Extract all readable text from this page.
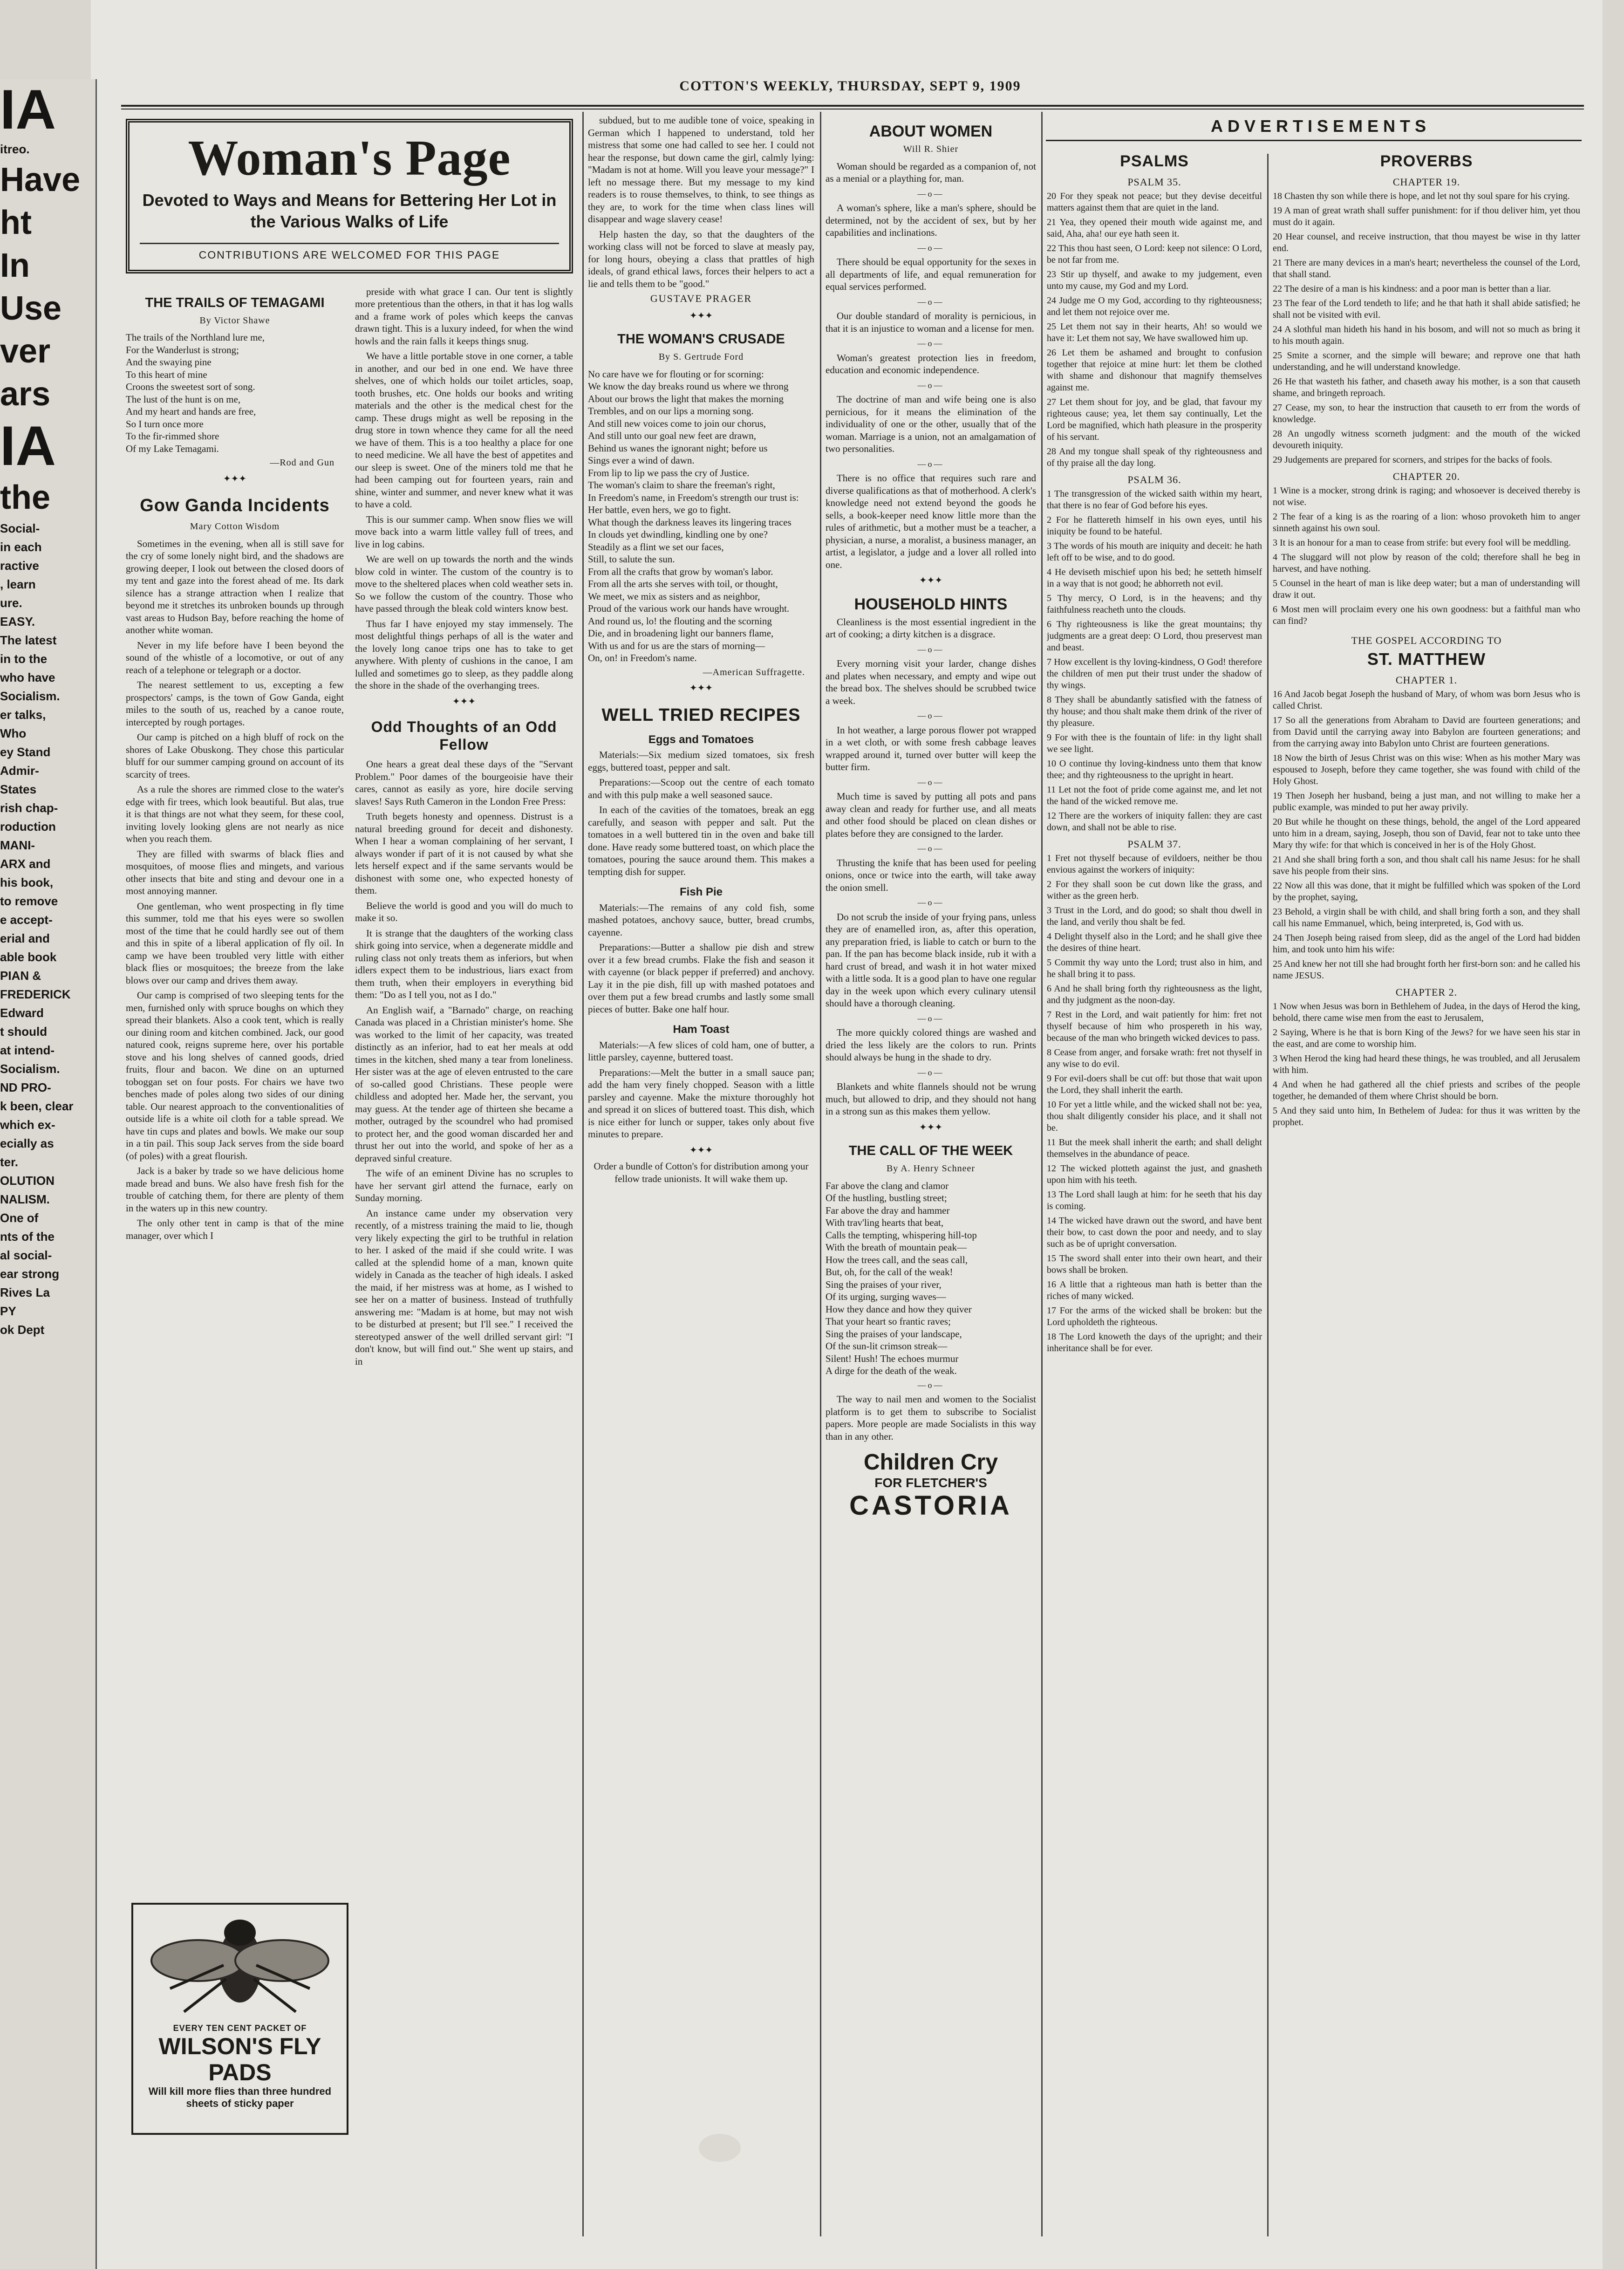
IA
itreo.
Have
ht
In
Use
ver
ars
IA
the
Social-
in each
ractive
, learn
ure.
EASY.
The latest
in to the
who have
Socialism.
er talks,
Who
ey Stand
Admir-
States
rish chap-
roduction
MANI-
ARX and
his book,
to remove
e accept-
erial and
able book
PIAN &
FREDERICK
Edward
t should
at intend-
Socialism.
ND PRO-
k been, clear
which ex-
ecially as
ter.
OLUTION
NALISM.
One of
nts of the
al social-
ear strong
Rives La
PY
ok Dept
COTTON'S WEEKLY, THURSDAY, SEPT 9, 1909
Woman's Page
Devoted to Ways and Means for Bettering Her Lot in the Various Walks of Life
CONTRIBUTIONS ARE WELCOMED FOR THIS PAGE
THE TRAILS OF TEMAGAMI
By Victor Shawe
The trails of the Northland lure me,
For the Wanderlust is strong;
And the swaying pine
To this heart of mine
Croons the sweetest sort of song.
The lust of the hunt is on me,
And my heart and hands are free,
So I turn once more
To the fir-rimmed shore
Of my Lake Temagami.
—Rod and Gun
✦✦✦
Gow Ganda Incidents
Mary Cotton Wisdom

Sometimes in the evening, when all is still save for the cry of some lonely night bird, and the shadows are growing deeper, I look out between the closed doors of my tent and gaze into the forest ahead of me. Its dark silence has a strange attraction when I realize that beyond me it stretches its unbroken bounds up through vast areas to Hudson Bay, before reaching the home of another white woman.

Never in my life before have I been beyond the sound of the whistle of a locomotive, or out of any reach of a telephone or telegraph or a doctor.

The nearest settlement to us, excepting a few prospectors' camps, is the town of Gow Ganda, eight miles to the south of us, reached by a canoe route, intercepted by rough portages.

Our camp is pitched on a high bluff of rock on the shores of Lake Obuskong. They chose this particular bluff for our summer camping ground on account of its scarcity of trees.

As a rule the shores are rimmed close to the water's edge with fir trees, which look beautiful. But alas, true it is that things are not what they seem, for these cool, inviting lovely looking glens are not nearly as nice when you reach them.

They are filled with swarms of black flies and mosquitoes, of moose flies and mingets, and various other insects that bite and sting and devour one in a most annoying manner.

One gentleman, who went prospecting in fly time this summer, told me that his eyes were so swollen most of the time that he could hardly see out of them and this in spite of a liberal application of fly oil. In camp we have been troubled very little with either black flies or mosquitoes; the breeze from the lake blows over our camp and drives them away.

Our camp is comprised of two sleeping tents for the men, furnished only with spruce boughs on which they spread their blankets. Also a cook tent, which is really our dining room and kitchen combined. Jack, our good natured cook, reigns supreme here, over his portable stove and his long shelves of canned goods, dried fruits, flour and bacon. We dine on an upturned toboggan set on four posts. For chairs we have two benches made of poles along two sides of our dining table. Our nearest approach to the conventionalities of outside life is a white oil cloth for a table spread. We have tin cups and plates and bowls. We make our soup in a tin pail. This soup Jack serves from the side board (of poles) with a great flourish.

Jack is a baker by trade so we have delicious home made bread and buns. We also have fresh fish for the trouble of catching them, for there are plenty of them in the waters up in this new country.

The only other tent in camp is that of the mine manager, over which I

preside with what grace I can. Our tent is slightly more pretentious than the others, in that it has log walls and a frame work of poles which keeps the canvas drawn tight. This is a luxury indeed, for when the wind howls and the rain falls it keeps things snug.

We have a little portable stove in one corner, a table in another, and our bed in one end. We have three shelves, one of which holds our toilet articles, soap, tooth brushes, etc. One holds our books and writing materials and the other is the medical chest for the camp. These drugs might as well be reposing in the drug store in town whence they came for all the need we have of them. This is a too healthy a place for one to need medicine. We all have the best of appetites and our sleep is sweet. One of the miners told me that he had been camping out for fourteen years, rain and shine, winter and summer, and never knew what it was to have a cold.

This is our summer camp. When snow flies we will move back into a warm little valley full of trees, and live in log cabins.

We are well on up towards the north and the winds blow cold in winter. The custom of the country is to move to the sheltered places when cold weather sets in. So we follow the custom of the country. Those who have passed through the bleak cold winters know best.

Thus far I have enjoyed my stay immensely. The most delightful things perhaps of all is the water and the lovely long canoe trips one has to take to get anywhere. With plenty of cushions in the canoe, I am lulled and sometimes go to sleep, as they paddle along the shore in the shade of the overhanging trees.

✦✦✦
Odd Thoughts of an Odd Fellow

One hears a great deal these days of the "Servant Problem." Poor dames of the bourgeoisie have their cares, cannot as easily as yore, hire docile serving slaves! Says Ruth Cameron in the London Free Press:

Truth begets honesty and openness. Distrust is a natural breeding ground for deceit and dishonesty. When I hear a woman complaining of her servant, I always wonder if part of it is not caused by what she lets herself expect and if the same servants would be dishonest with some one, who expected honesty of them.

Believe the world is good and you will do much to make it so.

It is strange that the daughters of the working class shirk going into service, when a degenerate middle and ruling class not only treats them as inferiors, but when idlers expect them to be industrious, liars exact from them truth, when their employers in everything bid them: "Do as I tell you, not as I do."

An English waif, a "Barnado" charge, on reaching Canada was placed in a Christian minister's home. She was worked to the limit of her capacity, was treated distinctly as an inferior, had to eat her meals at odd times in the kitchen, shed many a tear from loneliness. Her sister was at the age of eleven entrusted to the care of so-called good Christians. These people were childless and adopted her. Made her, the servant, you may guess. At the tender age of thirteen she became a mother, outraged by the scoundrel who had promised to protect her, and the good woman discarded her and thrust her out into the world, and spoke of her as a depraved sinful creature.

The wife of an eminent Divine has no scruples to have her servant girl attend the furnace, early on Sunday morning.

An instance came under my observation very recently, of a mistress training the maid to lie, though very likely expecting the girl to be truthful in relation to her. I asked of the maid if she could write. I was called at the splendid home of a man, known quite widely in Canada as the teacher of high ideals. I asked the maid, if her mistress was at home, as I wished to see her on a matter of business. Instead of truthfully answering me: "Madam is at home, but may not wish to be disturbed at present; but I'll see." I received the stereotyped answer of the well drilled servant girl: "I don't know, but will find out." She went up stairs, and in

EVERY TEN CENT PACKET OF
WILSON'S FLY PADS
Will kill more flies than three hundred sheets of sticky paper

subdued, but to me audible tone of voice, speaking in German which I happened to understand, told her mistress that some one had called to see her. I could not hear the response, but down came the girl, calmly lying: "Madam is not at home. Will you leave your message?" I left no message there. But my message to my kind readers is to rouse themselves, to think, to see things as they are, to work for the time when class lines will disappear and wage slavery cease!

Help hasten the day, so that the daughters of the working class will not be forced to slave at measly pay, for long hours, obeying a class that prattles of high ideals, of grand ethical laws, forces their helpers to act a lie and tells them to be "good."

GUSTAVE PRAGER
✦✦✦
THE WOMAN'S CRUSADE
By S. Gertrude Ford
No care have we for flouting or for scorning:
We know the day breaks round us where we throng
About our brows the light that makes the morning
Trembles, and on our lips a morning song.
And still new voices come to join our chorus,
And still unto our goal new feet are drawn,
Behind us wanes the ignorant night; before us
Sings ever a wind of dawn.
From lip to lip we pass the cry of Justice.
The woman's claim to share the freeman's right,
In Freedom's name, in Freedom's strength our trust is:
Her battle, even hers, we go to fight.
What though the darkness leaves its lingering traces
In clouds yet dwindling, kindling one by one?
Steadily as a flint we set our faces,
Still, to salute the sun.
From all the crafts that grow by woman's labor.
From all the arts she serves with toil, or thought,
We meet, we mix as sisters and as neighbor,
Proud of the various work our hands have wrought.
And round us, lo! the flouting and the scorning
Die, and in broadening light our banners flame,
With us and for us are the stars of morning—
On, on! in Freedom's name.
—American Suffragette.
✦✦✦
WELL TRIED RECIPES
Eggs and Tomatoes

Materials:—Six medium sized tomatoes, six fresh eggs, buttered toast, pepper and salt.

Preparations:—Scoop out the centre of each tomato and with this pulp make a well seasoned sauce.

In each of the cavities of the tomatoes, break an egg carefully, and season with pepper and salt. Put the tomatoes in a well buttered tin in the oven and bake till done. Have ready some buttered toast, on which place the tomatoes, pouring the sauce around them. This makes a tempting dish for supper.

Fish Pie

Materials:—The remains of any cold fish, some mashed potatoes, anchovy sauce, butter, bread crumbs, cayenne.

Preparations:—Butter a shallow pie dish and strew over it a few bread crumbs. Flake the fish and season it with cayenne (or black pepper if preferred) and anchovy. Lay it in the pie dish, fill up with mashed potatoes and over them put a few bread crumbs and lastly some small pieces of butter. Bake one half hour.

Ham Toast

Materials:—A few slices of cold ham, one of butter, a little parsley, cayenne, buttered toast.

Preparations:—Melt the butter in a small sauce pan; add the ham very finely chopped. Season with a little parsley and cayenne. Make the mixture thoroughly hot and spread it on slices of buttered toast. This dish, which is nice either for lunch or supper, takes only about five minutes to prepare.

✦✦✦

Order a bundle of Cotton's for distribution among your fellow trade unionists. It will wake them up.

ABOUT WOMEN
Will R. Shier

Woman should be regarded as a companion of, not as a menial or a plaything for, man.

—o—

A woman's sphere, like a man's sphere, should be determined, not by the accident of sex, but by her capabilities and inclinations.

—o—

There should be equal opportunity for the sexes in all departments of life, and equal remuneration for equal services performed.

—o—

Our double standard of morality is pernicious, in that it is an injustice to woman and a license for men.

—o—

Woman's greatest protection lies in freedom, education and economic independence.

—o—

The doctrine of man and wife being one is also pernicious, for it means the elimination of the individuality of one or the other, usually that of the woman. Marriage is a union, not an amalgamation of two personalities.

—o—

There is no office that requires such rare and diverse qualifications as that of motherhood. A clerk's knowledge need not extend beyond the goods he sells, a book-keeper need know little more than the rules of arithmetic, but a mother must be a teacher, a physician, a nurse, a moralist, a business manager, an artist, a legislator, a judge and a lover all rolled into one.

✦✦✦
HOUSEHOLD HINTS

Cleanliness is the most essential ingredient in the art of cooking; a dirty kitchen is a disgrace.

—o—

Every morning visit your larder, change dishes and plates when necessary, and empty and wipe out the bread box. The shelves should be scrubbed twice a week.

—o—

In hot weather, a large porous flower pot wrapped in a wet cloth, or with some fresh cabbage leaves wrapped around it, turned over butter will keep the butter firm.

—o—

Much time is saved by putting all pots and pans away clean and ready for further use, and all meats and other food should be placed on clean dishes or plates before they are consigned to the larder.

—o—

Thrusting the knife that has been used for peeling onions, once or twice into the earth, will take away the onion smell.

—o—

Do not scrub the inside of your frying pans, unless they are of enamelled iron, as, after this operation, any preparation fried, is liable to catch or burn to the pan. If the pan has become black inside, rub it with a hard crust of bread, and wash it in hot water mixed with a little soda. It is a good plan to have one regular day in the week upon which every culinary utensil should have a thorough cleaning.

—o—

The more quickly colored things are washed and dried the less likely are the colors to run. Prints should always be hung in the shade to dry.

—o—

Blankets and white flannels should not be wrung much, but allowed to drip, and they should not hang in a strong sun as this makes them yellow.

✦✦✦
THE CALL OF THE WEEK
By A. Henry Schneer
Far above the clang and clamor
Of the hustling, bustling street;
Far above the dray and hammer
With trav'ling hearts that beat,
Calls the tempting, whispering hill-top
With the breath of mountain peak—
How the trees call, and the seas call,
But, oh, for the call of the weak!
Sing the praises of your river,
Of its urging, surging waves—
How they dance and how they quiver
That your heart so frantic raves;
Sing the praises of your landscape,
Of the sun-lit crimson streak—
Silent! Hush! The echoes murmur
A dirge for the death of the weak.
—o—

The way to nail men and women to the Socialist platform is to get them to subscribe to Socialist papers. More people are made Socialists in this way than in any other.

Children Cry
FOR FLETCHER'S
CASTORIA
ADVERTISEMENTS
PSALMS
PSALM 35.

20 For they speak not peace; but they devise deceitful matters against them that are quiet in the land.

21 Yea, they opened their mouth wide against me, and said, Aha, aha! our eye hath seen it.

22 This thou hast seen, O Lord: keep not silence: O Lord, be not far from me.

23 Stir up thyself, and awake to my judgement, even unto my cause, my God and my Lord.

24 Judge me O my God, according to thy righteousness; and let them not rejoice over me.

25 Let them not say in their hearts, Ah! so would we have it: Let them not say, We have swallowed him up.

26 Let them be ashamed and brought to confusion together that rejoice at mine hurt: let them be clothed with shame and dishonour that magnify themselves against me.

27 Let them shout for joy, and be glad, that favour my righteous cause; yea, let them say continually, Let the Lord be magnified, which hath pleasure in the prosperity of his servant.

28 And my tongue shall speak of thy righteousness and of thy praise all the day long.

PSALM 36.

1 The transgression of the wicked saith within my heart, that there is no fear of God before his eyes.

2 For he flattereth himself in his own eyes, until his iniquity be found to be hateful.

3 The words of his mouth are iniquity and deceit: he hath left off to be wise, and to do good.

4 He deviseth mischief upon his bed; he setteth himself in a way that is not good; he abhorreth not evil.

5 Thy mercy, O Lord, is in the heavens; and thy faithfulness reacheth unto the clouds.

6 Thy righteousness is like the great mountains; thy judgments are a great deep: O Lord, thou preservest man and beast.

7 How excellent is thy loving-kindness, O God! therefore the children of men put their trust under the shadow of thy wings.

8 They shall be abundantly satisfied with the fatness of thy house; and thou shalt make them drink of the river of thy pleasure.

9 For with thee is the fountain of life: in thy light shall we see light.

10 O continue thy loving-kindness unto them that know thee; and thy righteousness to the upright in heart.

11 Let not the foot of pride come against me, and let not the hand of the wicked remove me.

12 There are the workers of iniquity fallen: they are cast down, and shall not be able to rise.

PSALM 37.

1 Fret not thyself because of evildoers, neither be thou envious against the workers of iniquity:

2 For they shall soon be cut down like the grass, and wither as the green herb.

3 Trust in the Lord, and do good; so shalt thou dwell in the land, and verily thou shalt be fed.

4 Delight thyself also in the Lord; and he shall give thee the desires of thine heart.

5 Commit thy way unto the Lord; trust also in him, and he shall bring it to pass.

6 And he shall bring forth thy righteousness as the light, and thy judgment as the noon-day.

7 Rest in the Lord, and wait patiently for him: fret not thyself because of him who prospereth in his way, because of the man who bringeth wicked devices to pass.

8 Cease from anger, and forsake wrath: fret not thyself in any wise to do evil.

9 For evil-doers shall be cut off: but those that wait upon the Lord, they shall inherit the earth.

10 For yet a little while, and the wicked shall not be: yea, thou shalt diligently consider his place, and it shall not be.

11 But the meek shall inherit the earth; and shall delight themselves in the abundance of peace.

12 The wicked plotteth against the just, and gnasheth upon him with his teeth.

13 The Lord shall laugh at him: for he seeth that his day is coming.

14 The wicked have drawn out the sword, and have bent their bow, to cast down the poor and needy, and to slay such as be of upright conversation.

15 The sword shall enter into their own heart, and their bows shall be broken.

16 A little that a righteous man hath is better than the riches of many wicked.

17 For the arms of the wicked shall be broken: but the Lord upholdeth the righteous.

18 The Lord knoweth the days of the upright; and their inheritance shall be for ever.

PROVERBS
CHAPTER 19.

18 Chasten thy son while there is hope, and let not thy soul spare for his crying.

19 A man of great wrath shall suffer punishment: for if thou deliver him, yet thou must do it again.

20 Hear counsel, and receive instruction, that thou mayest be wise in thy latter end.

21 There are many devices in a man's heart; nevertheless the counsel of the Lord, that shall stand.

22 The desire of a man is his kindness: and a poor man is better than a liar.

23 The fear of the Lord tendeth to life; and he that hath it shall abide satisfied; he shall not be visited with evil.

24 A slothful man hideth his hand in his bosom, and will not so much as bring it to his mouth again.

25 Smite a scorner, and the simple will beware; and reprove one that hath understanding, and he will understand knowledge.

26 He that wasteth his father, and chaseth away his mother, is a son that causeth shame, and bringeth reproach.

27 Cease, my son, to hear the instruction that causeth to err from the words of knowledge.

28 An ungodly witness scorneth judgment: and the mouth of the wicked devoureth iniquity.

29 Judgements are prepared for scorners, and stripes for the backs of fools.

CHAPTER 20.

1 Wine is a mocker, strong drink is raging; and whosoever is deceived thereby is not wise.

2 The fear of a king is as the roaring of a lion: whoso provoketh him to anger sinneth against his own soul.

3 It is an honour for a man to cease from strife: but every fool will be meddling.

4 The sluggard will not plow by reason of the cold; therefore shall he beg in harvest, and have nothing.

5 Counsel in the heart of man is like deep water; but a man of understanding will draw it out.

6 Most men will proclaim every one his own goodness: but a faithful man who can find?

THE GOSPEL ACCORDING TO
ST. MATTHEW
CHAPTER 1.

16 And Jacob begat Joseph the husband of Mary, of whom was born Jesus who is called Christ.

17 So all the generations from Abraham to David are fourteen generations; and from David until the carrying away into Babylon are fourteen generations; and from the carrying away into Babylon unto Christ are fourteen generations.

18 Now the birth of Jesus Christ was on this wise: When as his mother Mary was espoused to Joseph, before they came together, she was found with child of the Holy Ghost.

19 Then Joseph her husband, being a just man, and not willing to make her a public example, was minded to put her away privily.

20 But while he thought on these things, behold, the angel of the Lord appeared unto him in a dream, saying, Joseph, thou son of David, fear not to take unto thee Mary thy wife: for that which is conceived in her is of the Holy Ghost.

21 And she shall bring forth a son, and thou shalt call his name Jesus: for he shall save his people from their sins.

22 Now all this was done, that it might be fulfilled which was spoken of the Lord by the prophet, saying,

23 Behold, a virgin shall be with child, and shall bring forth a son, and they shall call his name Emmanuel, which, being interpreted, is, God with us.

24 Then Joseph being raised from sleep, did as the angel of the Lord had bidden him, and took unto him his wife:

25 And knew her not till she had brought forth her first-born son: and he called his name JESUS.

CHAPTER 2.

1 Now when Jesus was born in Bethlehem of Judea, in the days of Herod the king, behold, there came wise men from the east to Jerusalem,

2 Saying, Where is he that is born King of the Jews? for we have seen his star in the east, and are come to worship him.

3 When Herod the king had heard these things, he was troubled, and all Jerusalem with him.

4 And when he had gathered all the chief priests and scribes of the people together, he demanded of them where Christ should be born.

5 And they said unto him, In Bethelem of Judea: for thus it was written by the prophet.
